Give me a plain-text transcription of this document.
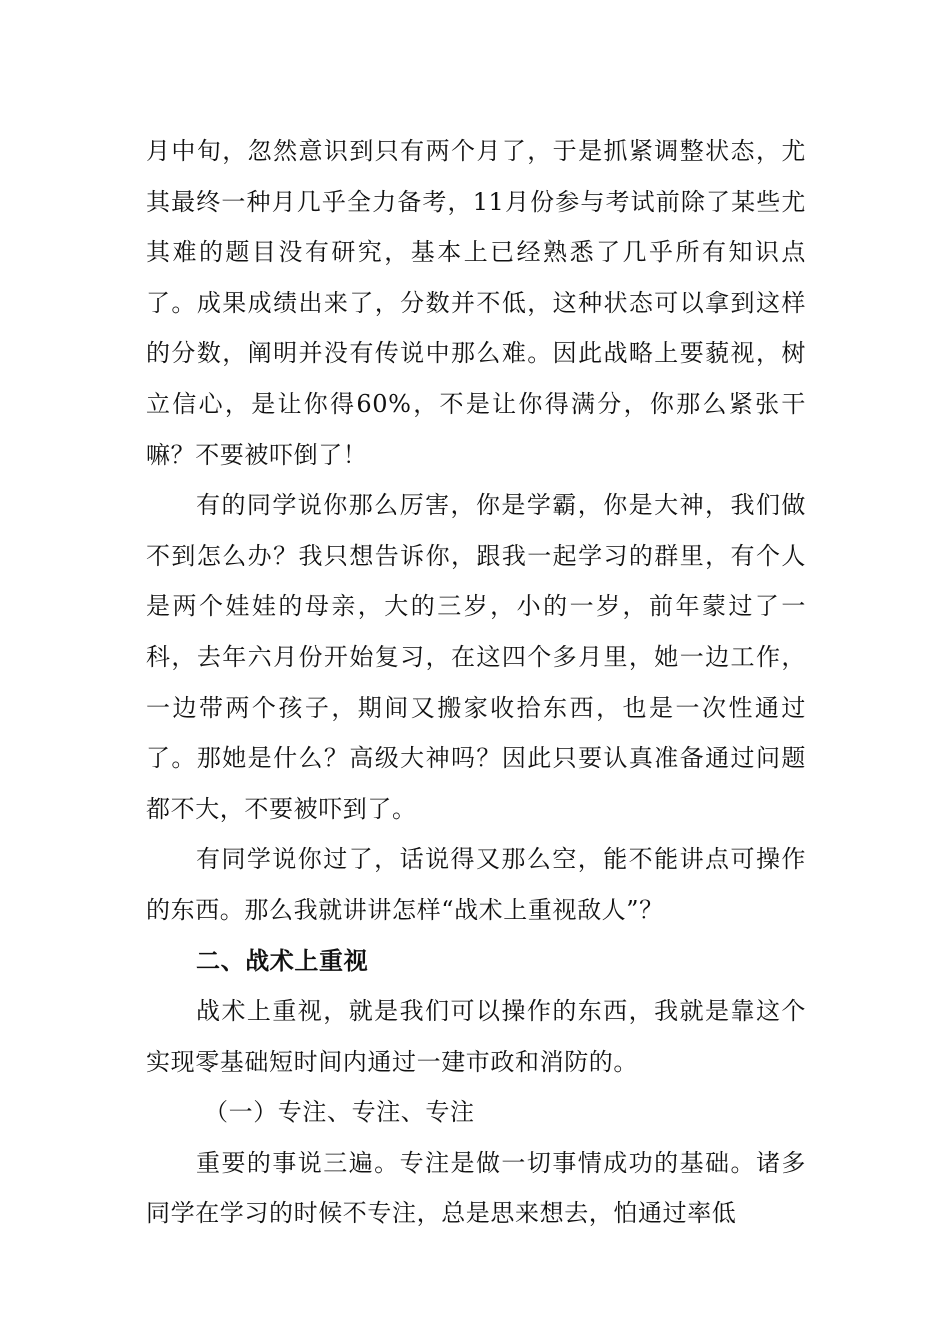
月中旬，忽然意识到只有两个月了，于是抓紧调整状态，尤其最终一种月几乎全力备考，11月份参与考试前除了某些尤其难的题目没有研究，基本上已经熟悉了几乎所有知识点了。成果成绩出来了，分数并不低，这种状态可以拿到这样的分数，阐明并没有传说中那么难。因此战略上要藐视，树立信心，是让你得60%，不是让你得满分，你那么紧张干嘛？不要被吓倒了！

有的同学说你那么厉害，你是学霸，你是大神，我们做不到怎么办？我只想告诉你，跟我一起学习的群里，有个人是两个娃娃的母亲，大的三岁，小的一岁，前年蒙过了一科，去年六月份开始复习，在这四个多月里，她一边工作，一边带两个孩子，期间又搬家收拾东西，也是一次性通过了。那她是什么？高级大神吗？因此只要认真准备通过问题都不大，不要被吓到了。

有同学说你过了，话说得又那么空，能不能讲点可操作的东西。那么我就讲讲怎样“战术上重视敌人”？

二、战术上重视

战术上重视，就是我们可以操作的东西，我就是靠这个实现零基础短时间内通过一建市政和消防的。

（一）专注、专注、专注

重要的事说三遍。专注是做一切事情成功的基础。诸多同学在学习的时候不专注，总是思来想去，怕通过率低
